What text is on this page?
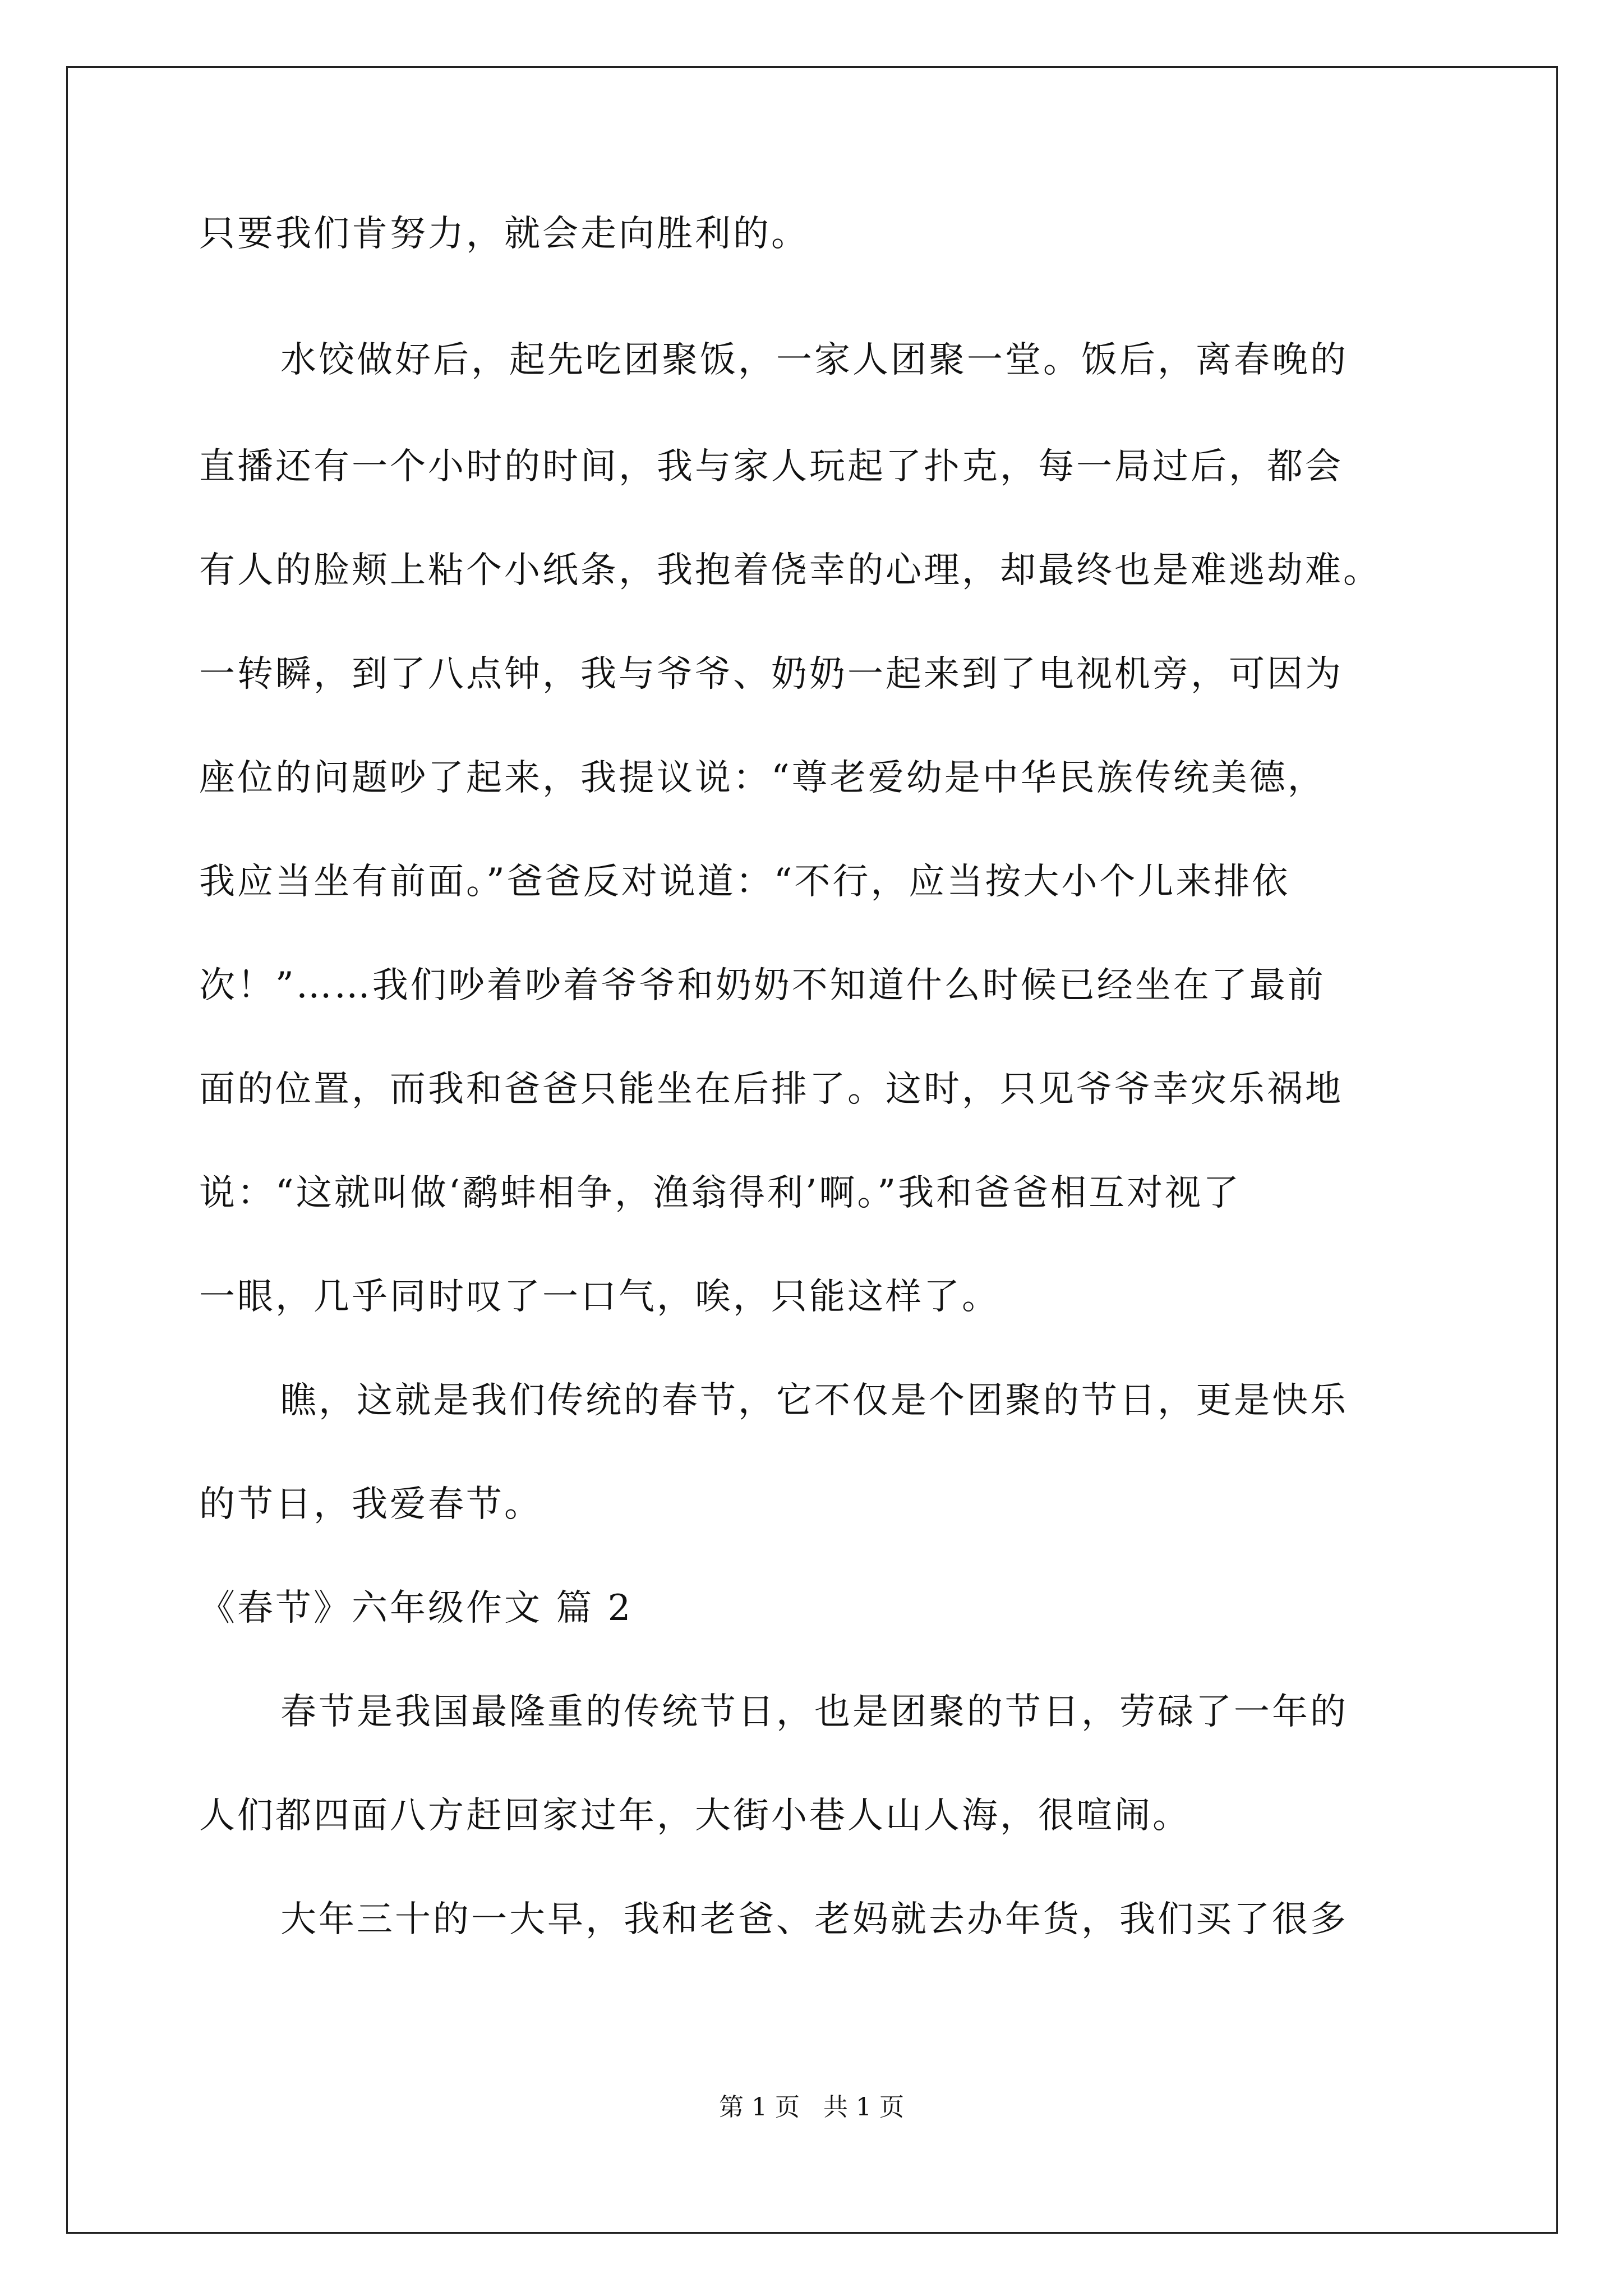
只要我们肯努力，就会走向胜利的。

水饺做好后，起先吃团聚饭，一家人团聚一堂。饭后，离春晚的

直播还有一个小时的时间，我与家人玩起了扑克，每一局过后，都会

有人的脸颊上粘个小纸条，我抱着侥幸的心理，却最终也是难逃劫难。

一转瞬，到了八点钟，我与爷爷、奶奶一起来到了电视机旁，可因为

座位的问题吵了起来，我提议说：“尊老爱幼是中华民族传统美德，

我应当坐有前面。”爸爸反对说道：“不行，应当按大小个儿来排依

次！”……我们吵着吵着爷爷和奶奶不知道什么时候已经坐在了最前

面的位置，而我和爸爸只能坐在后排了。这时，只见爷爷幸灾乐祸地

说：“这就叫做‘鹬蚌相争，渔翁得利’啊。”我和爸爸相互对视了

一眼，几乎同时叹了一口气，唉，只能这样了。

瞧，这就是我们传统的春节，它不仅是个团聚的节日，更是快乐

的节日，我爱春节。

《春节》六年级作文 篇 2

春节是我国最隆重的传统节日，也是团聚的节日，劳碌了一年的

人们都四面八方赶回家过年，大街小巷人山人海，很喧闹。

大年三十的一大早，我和老爸、老妈就去办年货，我们买了很多

第 1 页   共 1 页
